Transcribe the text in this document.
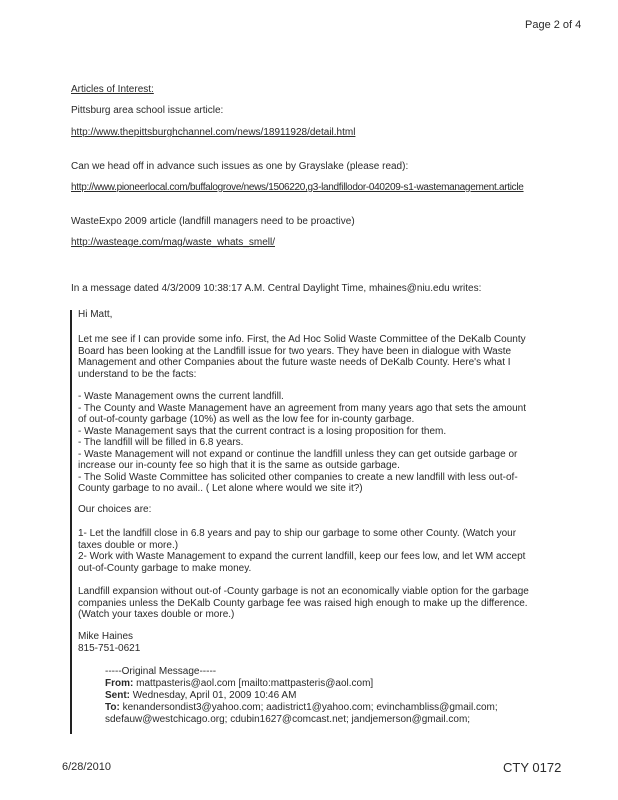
Page 2 of 4
Articles of Interest:
Pittsburg area school issue article:
http://www.thepittsburghchannel.com/news/18911928/detail.html
Can we head off in advance such issues as one by Grayslake (please read):
http://www.pioneerlocal.com/buffalogrove/news/1506220,g3-landfillodor-040209-s1-wastemanagement.article
WasteExpo 2009 article (landfill managers need to be proactive)
http://wasteage.com/mag/waste_whats_smell/
In a message dated 4/3/2009 10:38:17 A.M. Central Daylight Time, mhaines@niu.edu writes:
Hi Matt,
Let me see if I can provide some info. First, the Ad Hoc Solid Waste Committee of the DeKalb County
Board has been looking at the Landfill issue for two years. They have been in dialogue with Waste
Management and other Companies about the future waste needs of DeKalb County. Here's what I
understand to be the facts:
- Waste Management owns the current landfill.
- The County and Waste Management have an agreement from many years ago that sets the amount
of out-of-county garbage (10%) as well as the low fee for in-county garbage.
- Waste Management says that the current contract is a losing proposition for them.
- The landfill will be filled in 6.8 years.
- Waste Management will not expand or continue the landfill unless they can get outside garbage or
increase our in-county fee so high that it is the same as outside garbage.
- The Solid Waste Committee has solicited other companies to create a new landfill with less out-of-
County garbage to no avail.. ( Let alone where would we site it?)
Our choices are:
1- Let the landfill close in 6.8 years and pay to ship our garbage to some other County. (Watch your
taxes double or more.)
2- Work with Waste Management to expand the current landfill, keep our fees low, and let WM accept
out-of-County garbage to make money.
Landfill expansion without out-of -County garbage is not an economically viable option for the garbage
companies unless the DeKalb County garbage fee was raised high enough to make up the difference.
(Watch your taxes double or more.)
Mike Haines
815-751-0621
-----Original Message-----
From: mattpasteris@aol.com [mailto:mattpasteris@aol.com]
Sent: Wednesday, April 01, 2009 10:46 AM
To: kenandersondist3@yahoo.com; aadistrict1@yahoo.com; evinchambliss@gmail.com;
sdefauw@westchicago.org; cdubin1627@comcast.net; jandjemerson@gmail.com;
6/28/2010	CTY 0172
